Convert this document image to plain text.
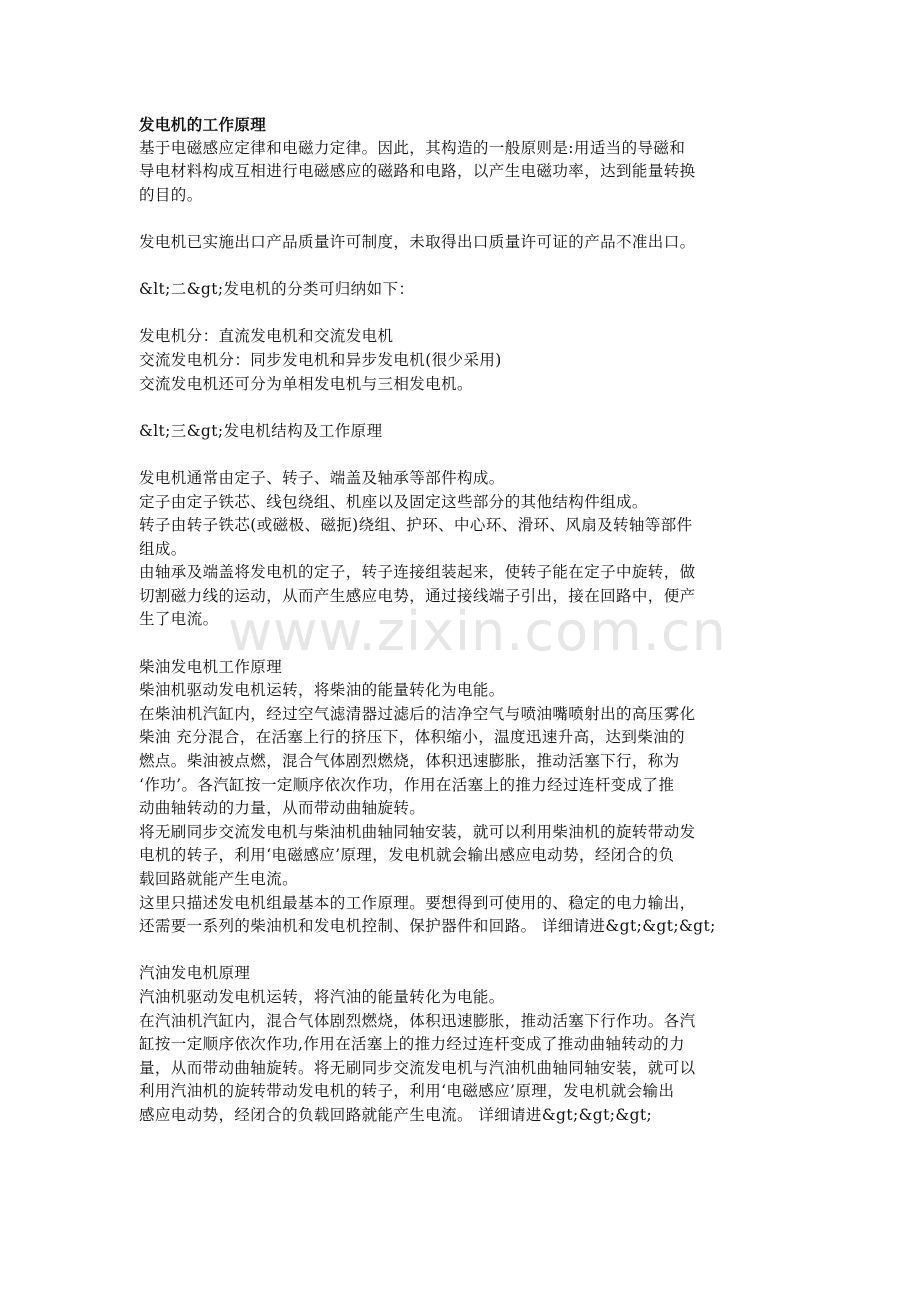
www.zixin.com.cn
发电机的工作原理
基于电磁感应定律和电磁力定律。因此，其构造的一般原则是:用适当的导磁和
导电材料构成互相进行电磁感应的磁路和电路，以产生电磁功率，达到能量转换
的目的。
发电机已实施出口产品质量许可制度，未取得出口质量许可证的产品不准出口。
&lt;二&gt;发电机的分类可归纳如下：
发电机分：直流发电机和交流发电机
交流发电机分：同步发电机和异步发电机(很少采用)
交流发电机还可分为单相发电机与三相发电机。
&lt;三&gt;发电机结构及工作原理
发电机通常由定子、转子、端盖及轴承等部件构成。
定子由定子铁芯、线包绕组、机座以及固定这些部分的其他结构件组成。
转子由转子铁芯(或磁极、磁扼)绕组、护环、中心环、滑环、风扇及转轴等部件
组成。
由轴承及端盖将发电机的定子，转子连接组装起来，使转子能在定子中旋转，做
切割磁力线的运动，从而产生感应电势，通过接线端子引出，接在回路中，便产
生了电流。
柴油发电机工作原理
柴油机驱动发电机运转，将柴油的能量转化为电能。
在柴油机汽缸内，经过空气滤清器过滤后的洁净空气与喷油嘴喷射出的高压雾化
柴油 充分混合，在活塞上行的挤压下，体积缩小，温度迅速升高，达到柴油的
燃点。柴油被点燃，混合气体剧烈燃烧，体积迅速膨胀，推动活塞下行，称为
‘作功’。各汽缸按一定顺序依次作功，作用在活塞上的推力经过连杆变成了推
动曲轴转动的力量，从而带动曲轴旋转。
将无刷同步交流发电机与柴油机曲轴同轴安装，就可以利用柴油机的旋转带动发
电机的转子，利用‘电磁感应’原理，发电机就会输出感应电动势，经闭合的负
载回路就能产生电流。
这里只描述发电机组最基本的工作原理。要想得到可使用的、稳定的电力输出，
还需要一系列的柴油机和发电机控制、保护器件和回路。 详细请进&gt;&gt;&gt;
汽油发电机原理
汽油机驱动发电机运转，将汽油的能量转化为电能。
在汽油机汽缸内，混合气体剧烈燃烧，体积迅速膨胀，推动活塞下行作功。各汽
缸按一定顺序依次作功,作用在活塞上的推力经过连杆变成了推动曲轴转动的力
量，从而带动曲轴旋转。将无刷同步交流发电机与汽油机曲轴同轴安装，就可以
利用汽油机的旋转带动发电机的转子，利用‘电磁感应’原理，发电机就会输出
感应电动势，经闭合的负载回路就能产生电流。 详细请进&gt;&gt;&gt;
